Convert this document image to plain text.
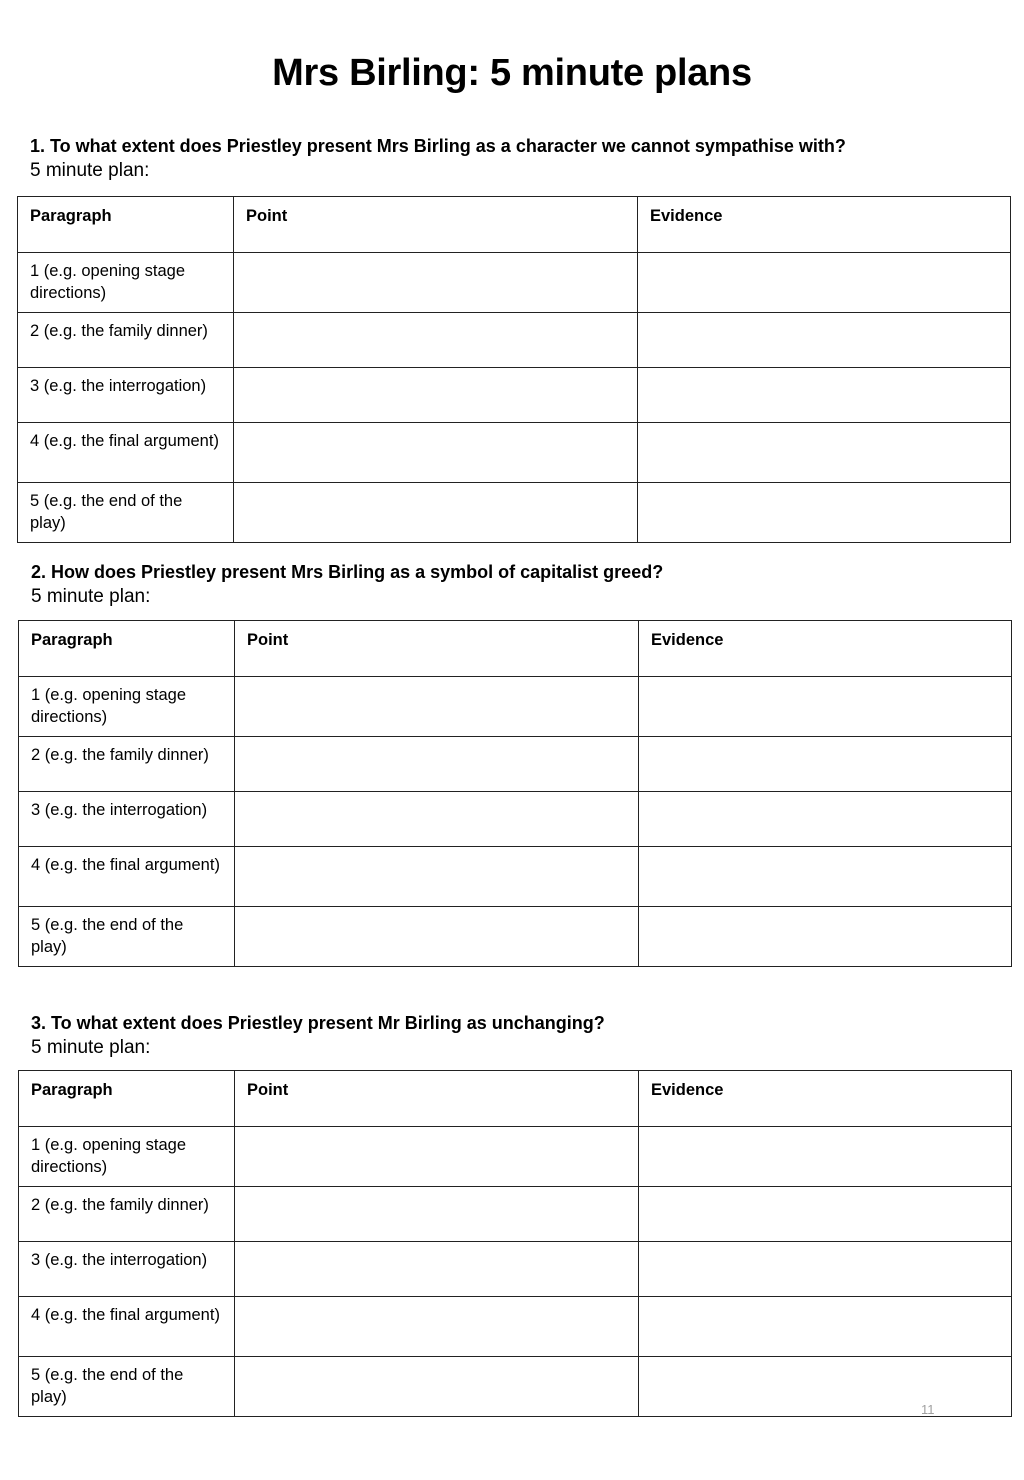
Mrs Birling: 5 minute plans
1. To what extent does Priestley present Mrs Birling as a character we cannot sympathise with?
5 minute plan:
Paragraph	Point	Evidence
1 (e.g. opening stage directions)		
2 (e.g. the family dinner)		
3 (e.g. the interrogation)		
4 (e.g. the final argument)		
5 (e.g. the end of the play)		
2. How does Priestley present Mrs Birling as a symbol of capitalist greed?
5 minute plan:
Paragraph	Point	Evidence
1 (e.g. opening stage directions)		
2 (e.g. the family dinner)		
3 (e.g. the interrogation)		
4 (e.g. the final argument)		
5 (e.g. the end of the play)		
3. To what extent does Priestley present Mr Birling as unchanging?
5 minute plan:
Paragraph	Point	Evidence
1 (e.g. opening stage directions)		
2 (e.g. the family dinner)		
3 (e.g. the interrogation)		
4 (e.g. the final argument)		
5 (e.g. the end of the play)		
11
